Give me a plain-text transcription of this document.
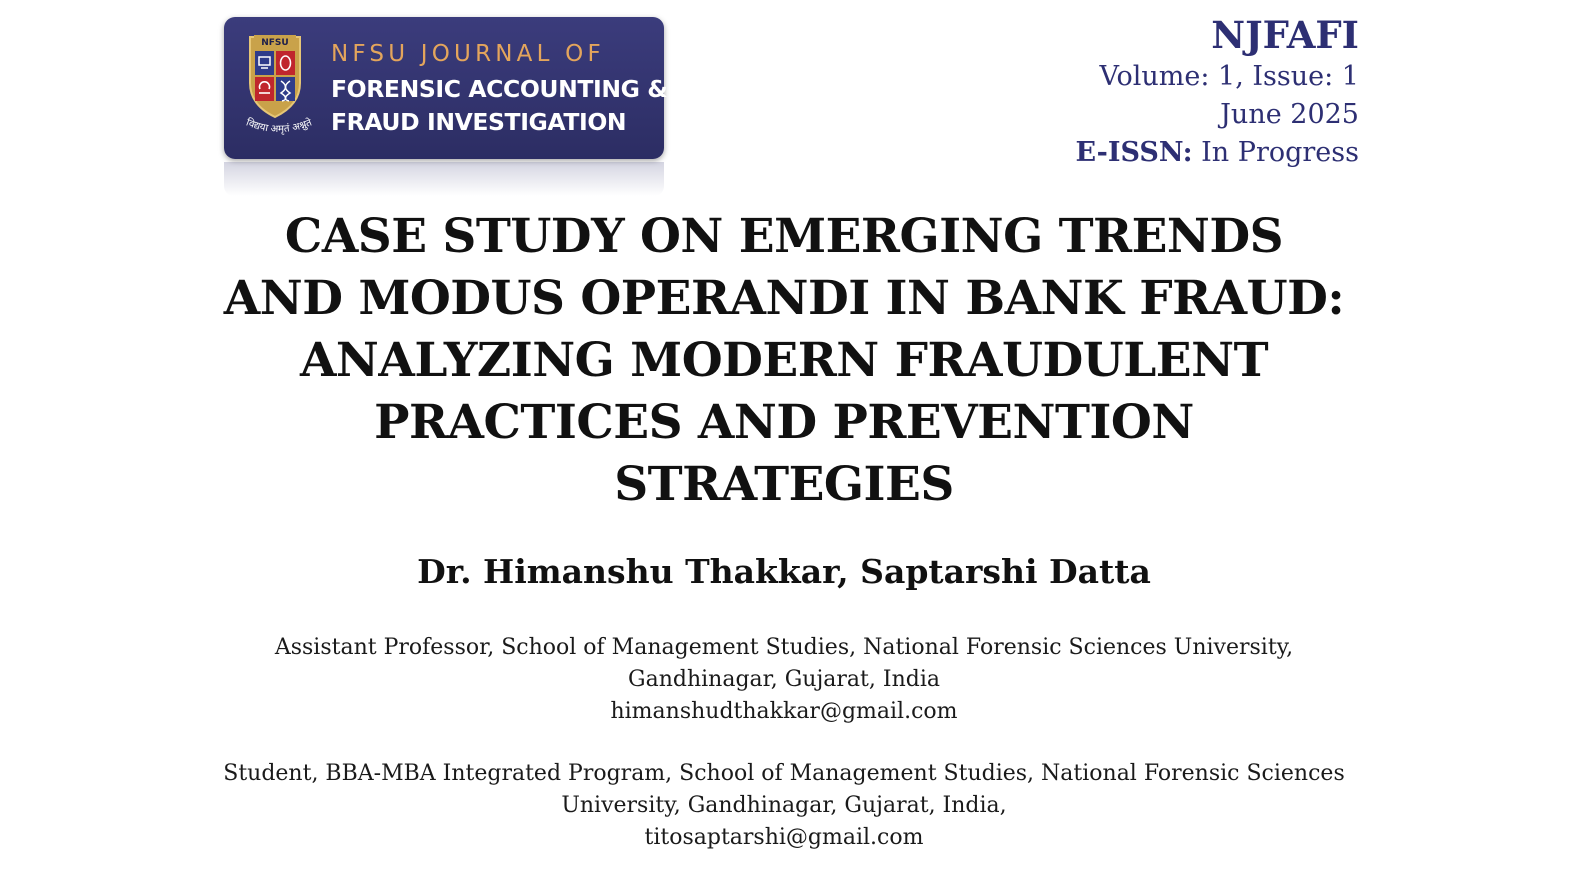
NFSU
विद्यया अमृतं अश्नुते
NFSU JOURNAL OF
FORENSIC ACCOUNTING &
FRAUD INVESTIGATION
NJFAFI
Volume: 1, Issue: 1
June 2025
E-ISSN: In Progress
CASE STUDY ON EMERGING TRENDS
AND MODUS OPERANDI IN BANK FRAUD:
ANALYZING MODERN FRAUDULENT
PRACTICES AND PREVENTION
STRATEGIES
Dr. Himanshu Thakkar, Saptarshi Datta
Assistant Professor, School of Management Studies, National Forensic Sciences University,
Gandhinagar, Gujarat, India
himanshudthakkar@gmail.com
Student, BBA-MBA Integrated Program, School of Management Studies, National Forensic Sciences
University, Gandhinagar, Gujarat, India,
titosaptarshi@gmail.com
